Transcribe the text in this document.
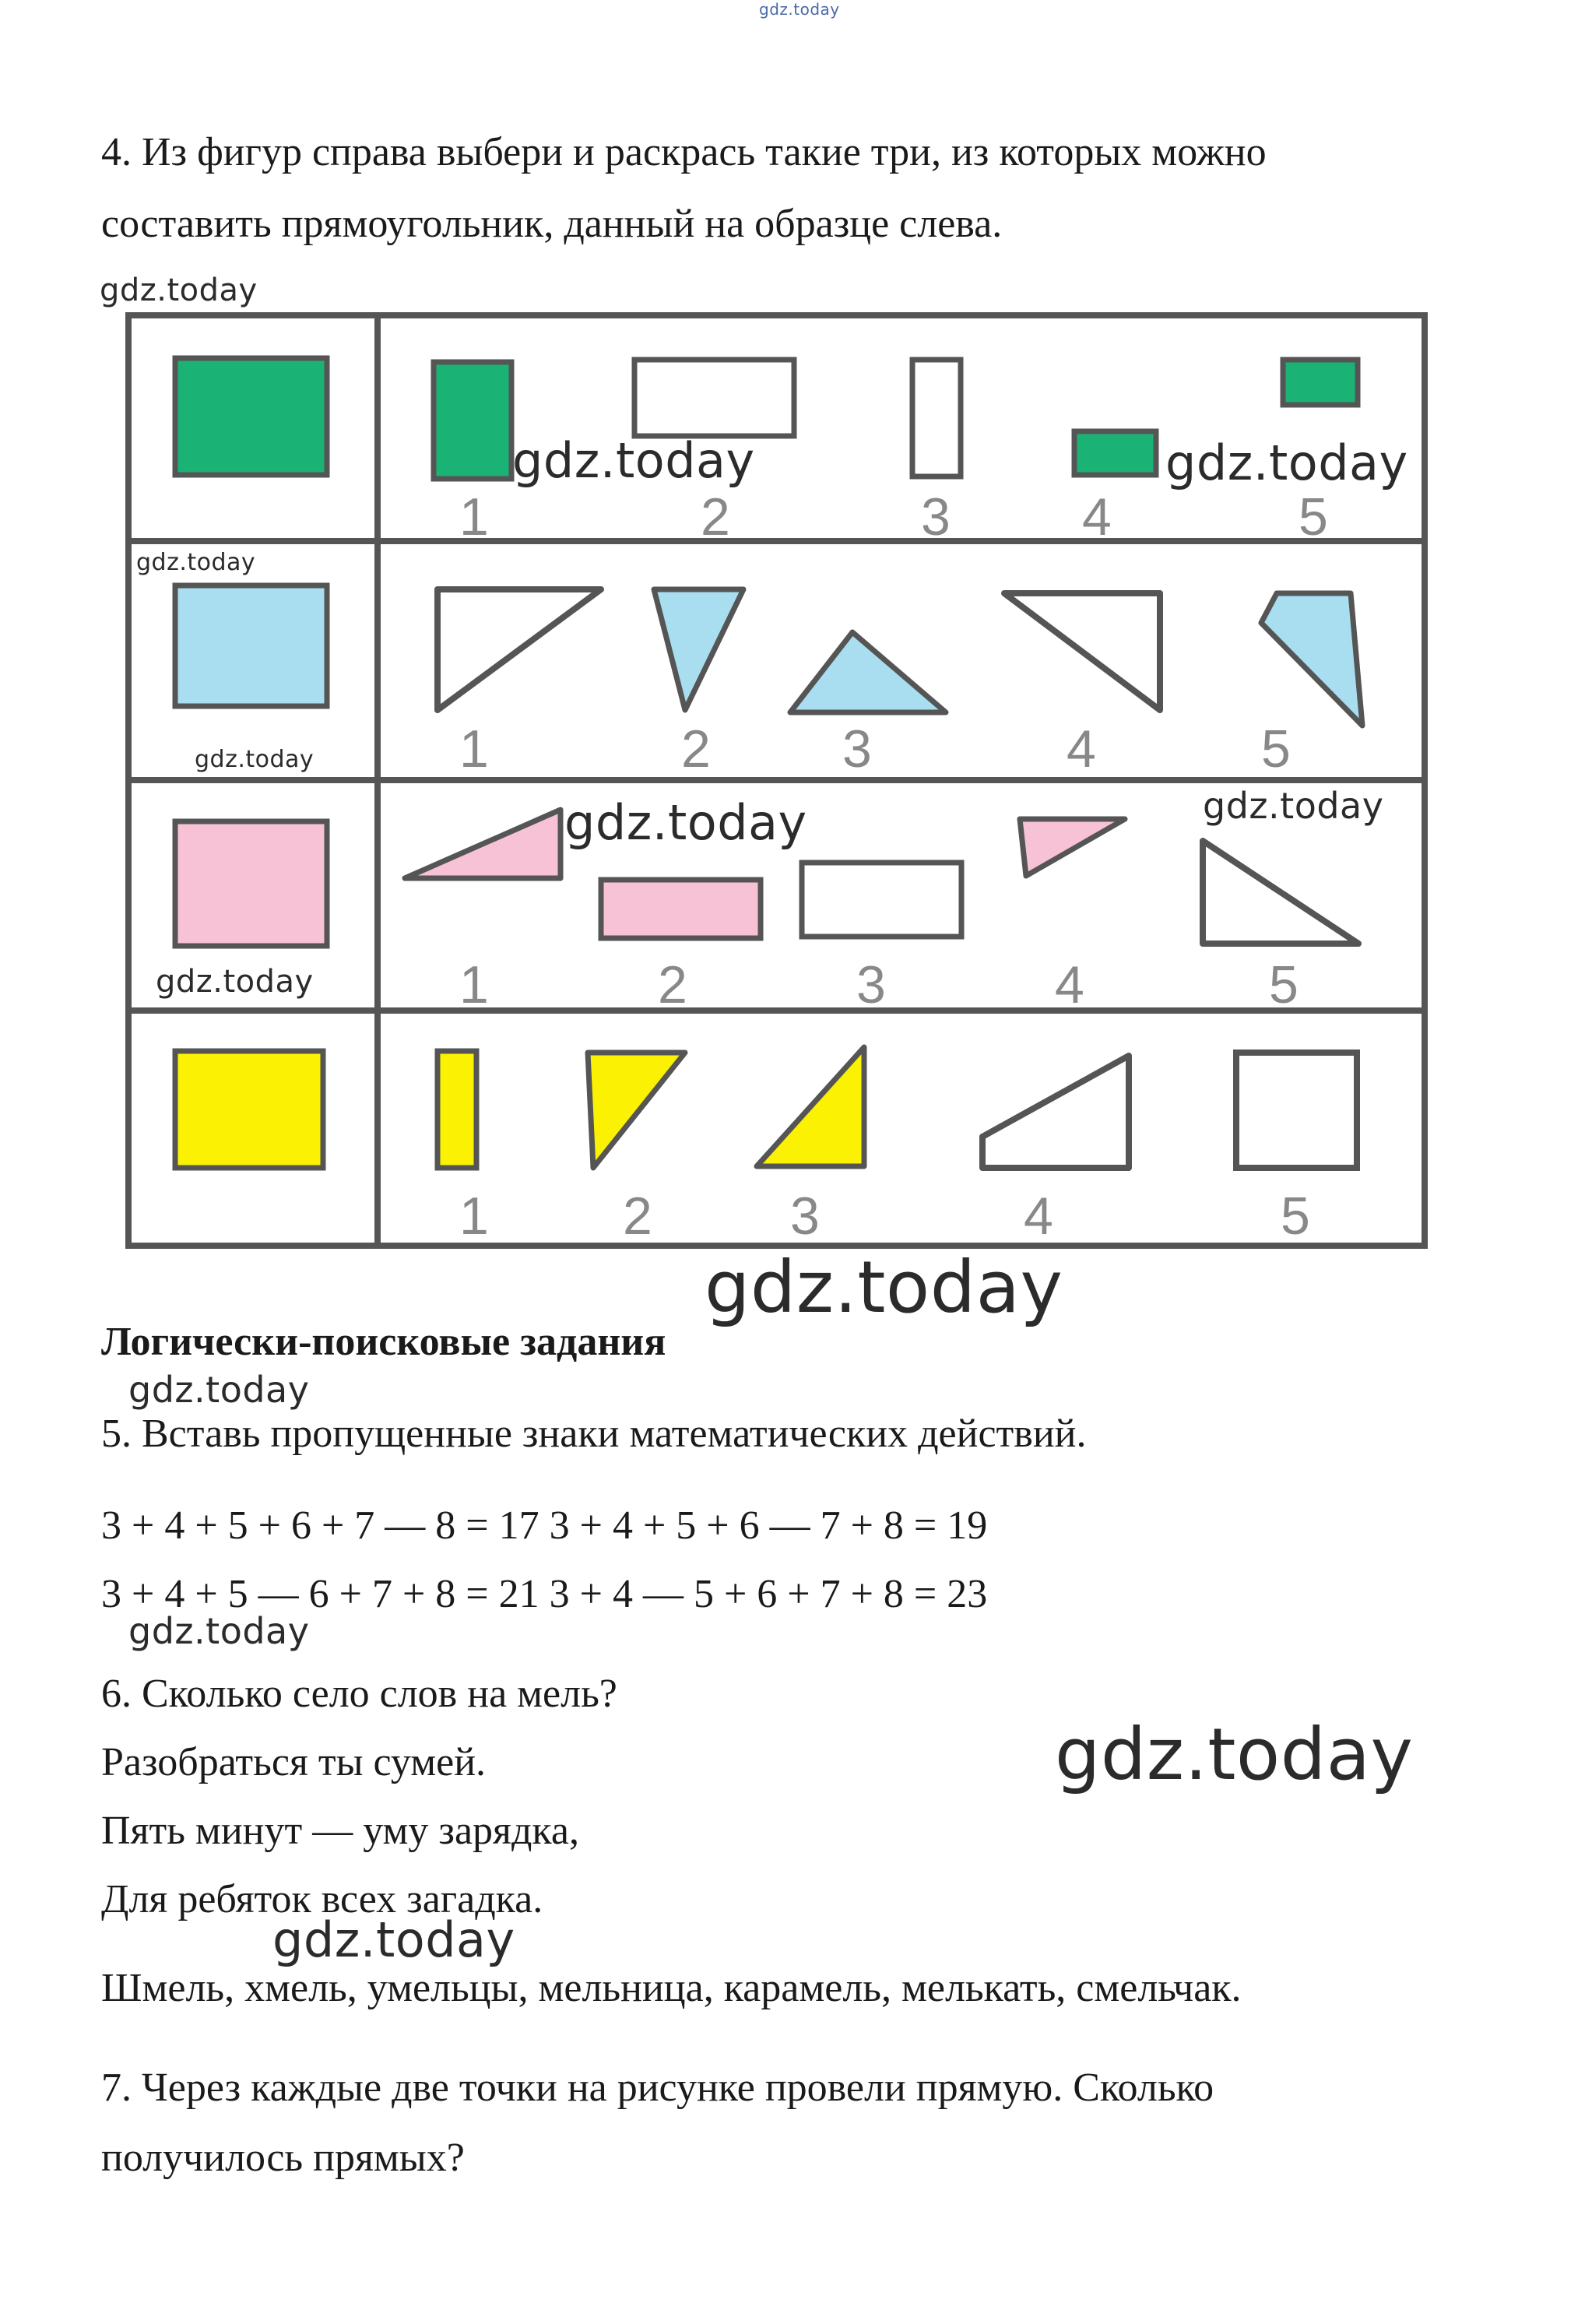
gdz.today
4. Из фигур справа выбери и раскрась такие три, из которых можно
составить прямоугольник, данный на образце слева.
1	2	3 4	5
1	2 3	4	5
1	2	3	4	5
1	2	3	4	5
gdz.today
gdz.today	gdz.today
gdz.today
gdz.today
gdz.today	gdz.today
gdz.today
gdz.today
Логически-поисковые задания
gdz.today
5. Вставь пропущенные знаки математических действий.
3 + 4 + 5 + 6 + 7 — 8 = 17 3 + 4 + 5 + 6 — 7 + 8 = 19
3 + 4 + 5 — 6 + 7 + 8 = 21 3 + 4 — 5 + 6 + 7 + 8 = 23
gdz.today
6. Сколько село слов на мель?
Разобраться ты сумей.	gdz.today
Пять минут — уму зарядка,
Для ребяток всех загадка.
gdz.today
Шмель, хмель, умельцы, мельница, карамель, мелькать, смельчак.
7. Через каждые две точки на рисунке провели прямую. Сколько
получилось прямых?
